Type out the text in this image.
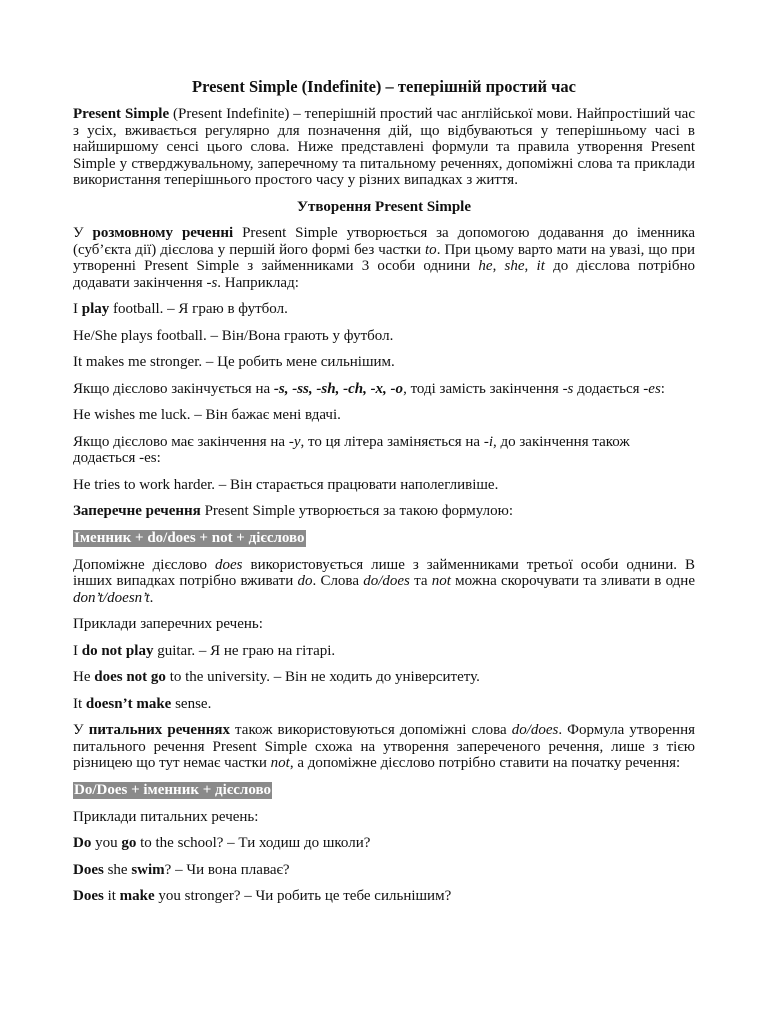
Present Simple (Indefinite) – теперішній простий час

Present Simple (Present Indefinite) – теперішній простий час англійської мови. Найпростіший час з усіх, вживається регулярно для позначення дій, що відбуваються у теперішньому часі в найширшому сенсі цього слова. Ниже представлені формули та правила утворення Present Simple у стверджувальному, заперечному та питальному реченнях, допоміжні слова та приклади використання теперішнього простого часу у різних випадках з життя.

Утворення Present Simple

У розмовному реченні Present Simple утворюється за допомогою додавання до іменника (суб’єкта дії) дієслова у першій його формі без частки to. При цьому варто мати на увазі, що при утворенні Present Simple з займенниками 3 особи однини he, she, it до дієслова потрібно додавати закінчення -s. Наприклад:

I play football. – Я граю в футбол.

He/She plays football. – Він/Вона грають у футбол.

It makes me stronger. – Це робить мене сильнішим.

Якщо дієслово закінчується на -s, -ss, -sh, -ch, -x, -o, тоді замість закінчення -s додається -es:

He wishes me luck. – Він бажає мені вдачі.

Якщо дієслово має закінчення на -y, то ця літера заміняється на -i, до закінчення також додається -es:

He tries to work harder. – Він старається працювати наполегливіше.

Заперечне речення Present Simple утворюється за такою формулою:

Іменник + do/does + not + дієслово

Допоміжне дієслово does використовується лише з займенниками третьої особи однини. В інших випадках потрібно вживати do. Слова do/does та not можна скорочувати та зливати в одне don’t/doesn’t.

Приклади заперечних речень:

I do not play guitar. – Я не граю на гітарі.

He does not go to the university. – Він не ходить до університету.

It doesn’t make sense.

У питальних реченнях також використовуються допоміжні слова do/does. Формула утворення питального речення Present Simple схожа на утворення запереченого речення, лише з тією різницею що тут немає частки not, а допоміжне дієслово потрібно ставити на початку речення:

Do/Does + іменник + дієслово

Приклади питальних речень:

Do you go to the school? – Ти ходиш до школи?

Does she swim? – Чи вона плаває?

Does it make you stronger? – Чи робить це тебе сильнішим?
